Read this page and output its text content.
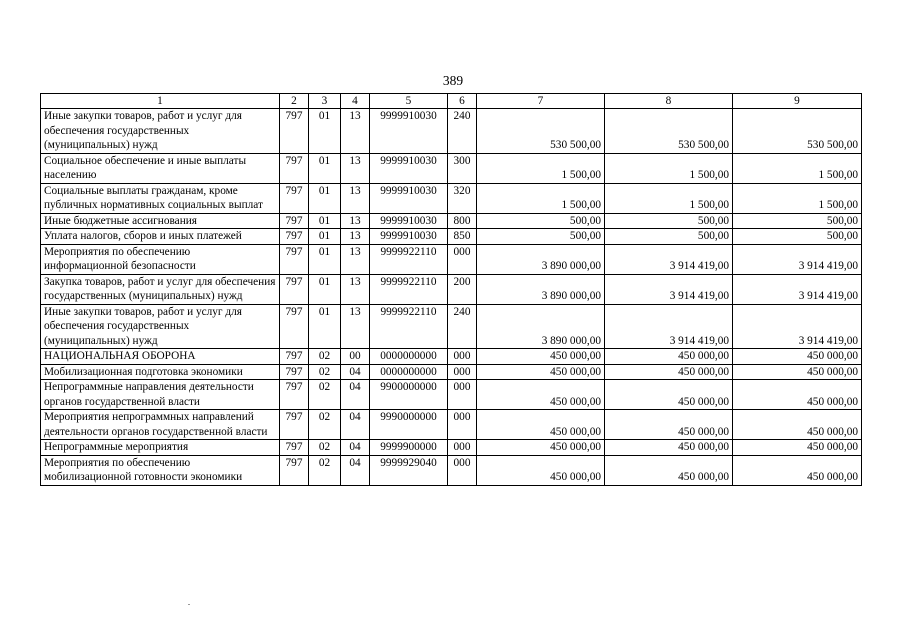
389
1	2	3	4	5	6	7	8	9
Иные закупки товаров, работ и услуг для обеспечения государственных (муниципальных) нужд	797	01	13	9999910030	240	530 500,00	530 500,00	530 500,00
Социальное обеспечение и иные выплаты населению	797	01	13	9999910030	300	1 500,00	1 500,00	1 500,00
Социальные выплаты гражданам, кроме публичных нормативных социальных выплат	797	01	13	9999910030	320	1 500,00	1 500,00	1 500,00
Иные бюджетные ассигнования	797	01	13	9999910030	800	500,00	500,00	500,00
Уплата налогов, сборов и иных платежей	797	01	13	9999910030	850	500,00	500,00	500,00
Мероприятия по обеспечению информационной безопасности	797	01	13	9999922110	000	3 890 000,00	3 914 419,00	3 914 419,00
Закупка товаров, работ и услуг для обеспечения государственных (муниципальных) нужд	797	01	13	9999922110	200	3 890 000,00	3 914 419,00	3 914 419,00
Иные закупки товаров, работ и услуг для обеспечения государственных (муниципальных) нужд	797	01	13	9999922110	240	3 890 000,00	3 914 419,00	3 914 419,00
НАЦИОНАЛЬНАЯ ОБОРОНА	797	02	00	0000000000	000	450 000,00	450 000,00	450 000,00
Мобилизационная подготовка экономики	797	02	04	0000000000	000	450 000,00	450 000,00	450 000,00
Непрограммные направления деятельности органов государственной власти	797	02	04	9900000000	000	450 000,00	450 000,00	450 000,00
Мероприятия непрограммных направлений деятельности органов государственной власти	797	02	04	9990000000	000	450 000,00	450 000,00	450 000,00
Непрограммные мероприятия	797	02	04	9999900000	000	450 000,00	450 000,00	450 000,00
Мероприятия по обеспечению мобилизационной готовности экономики	797	02	04	9999929040	000	450 000,00	450 000,00	450 000,00
